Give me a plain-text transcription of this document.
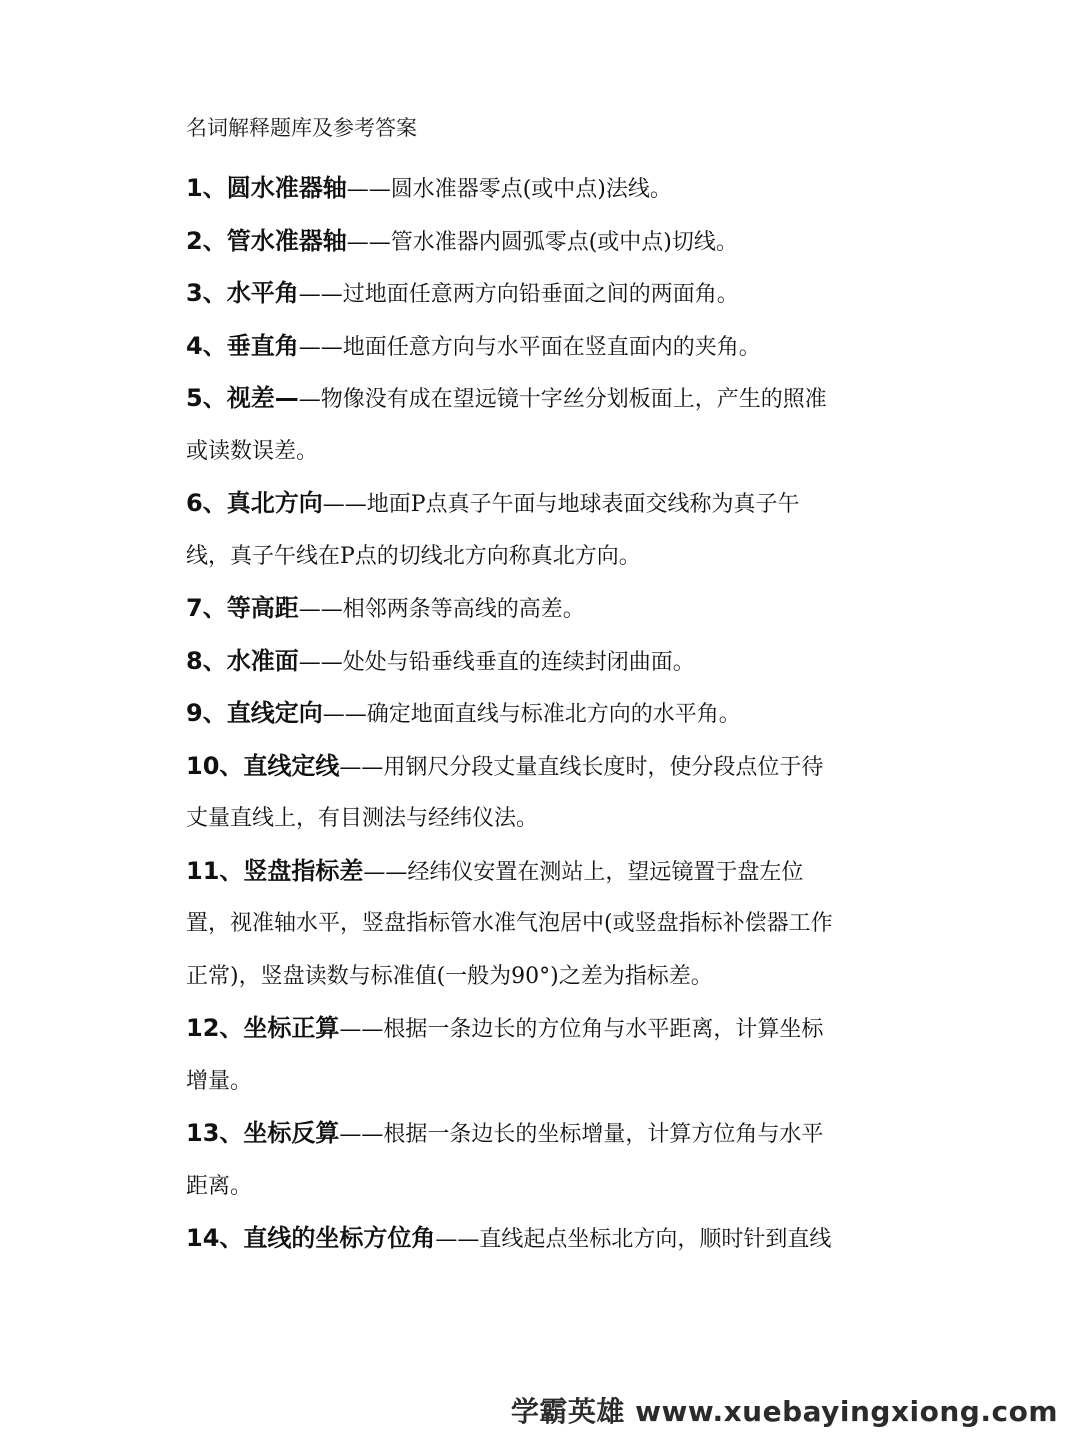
名词解释题库及参考答案
1、圆水准器轴——圆水准器零点(或中点)法线。
2、管水准器轴——管水准器内圆弧零点(或中点)切线。
3、水平角——过地面任意两方向铅垂面之间的两面角。
4、垂直角——地面任意方向与水平面在竖直面内的夹角。
5、视差——物像没有成在望远镜十字丝分划板面上，产生的照准
或读数误差。
6、真北方向——地面P点真子午面与地球表面交线称为真子午
线，真子午线在P点的切线北方向称真北方向。
7、等高距——相邻两条等高线的高差。
8、水准面——处处与铅垂线垂直的连续封闭曲面。
9、直线定向——确定地面直线与标准北方向的水平角。
10、直线定线——用钢尺分段丈量直线长度时，使分段点位于待
丈量直线上，有目测法与经纬仪法。
11、竖盘指标差——经纬仪安置在测站上，望远镜置于盘左位
置，视准轴水平，竖盘指标管水准气泡居中(或竖盘指标补偿器工作
正常)，竖盘读数与标准值(一般为90°)之差为指标差。
12、坐标正算——根据一条边长的方位角与水平距离，计算坐标
增量。
13、坐标反算——根据一条边长的坐标增量，计算方位角与水平
距离。
14、直线的坐标方位角——直线起点坐标北方向，顺时针到直线
学霸英雄 www.xuebayingxiong.com
